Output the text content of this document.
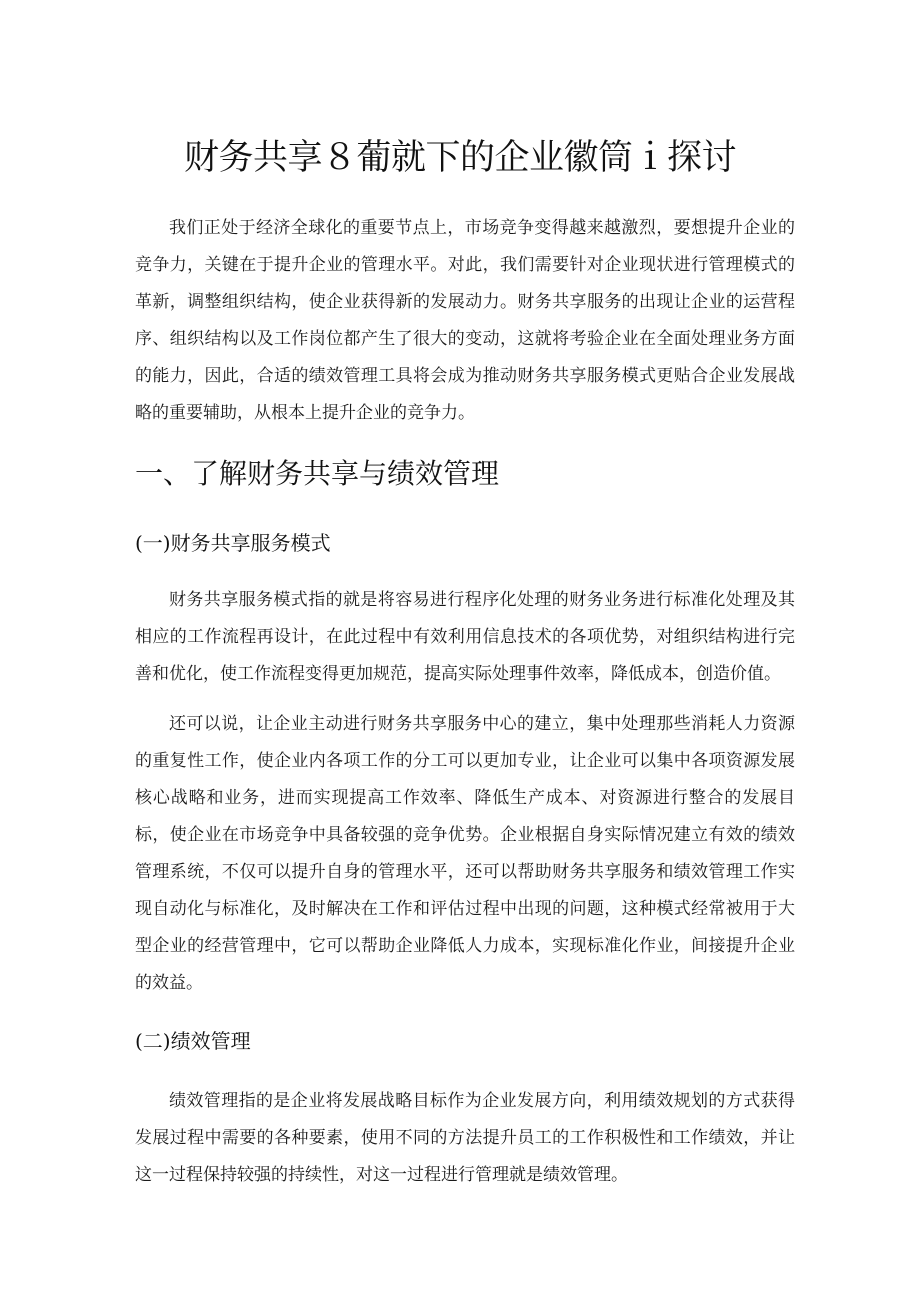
财务共享８葡就下的企业徽筒ｉ探讨

我们正处于经济全球化的重要节点上，市场竞争变得越来越激烈，要想提升企业的竞争力，关键在于提升企业的管理水平。对此，我们需要针对企业现状进行管理模式的革新，调整组织结构，使企业获得新的发展动力。财务共享服务的出现让企业的运营程序、组织结构以及工作岗位都产生了很大的变动，这就将考验企业在全面处理业务方面的能力，因此，合适的绩效管理工具将会成为推动财务共享服务模式更贴合企业发展战略的重要辅助，从根本上提升企业的竞争力。

一、了解财务共享与绩效管理
(一)财务共享服务模式

财务共享服务模式指的就是将容易进行程序化处理的财务业务进行标准化处理及其相应的工作流程再设计，在此过程中有效利用信息技术的各项优势，对组织结构进行完善和优化，使工作流程变得更加规范，提高实际处理事件效率，降低成本，创造价值。

还可以说，让企业主动进行财务共享服务中心的建立，集中处理那些消耗人力资源的重复性工作，使企业内各项工作的分工可以更加专业，让企业可以集中各项资源发展核心战略和业务，进而实现提高工作效率、降低生产成本、对资源进行整合的发展目标，使企业在市场竞争中具备较强的竞争优势。企业根据自身实际情况建立有效的绩效管理系统，不仅可以提升自身的管理水平，还可以帮助财务共享服务和绩效管理工作实现自动化与标准化，及时解决在工作和评估过程中出现的问题，这种模式经常被用于大型企业的经营管理中，它可以帮助企业降低人力成本，实现标准化作业，间接提升企业的效益。

(二)绩效管理

绩效管理指的是企业将发展战略目标作为企业发展方向，利用绩效规划的方式获得发展过程中需要的各种要素，使用不同的方法提升员工的工作积极性和工作绩效，并让这一过程保持较强的持续性，对这一过程进行管理就是绩效管理。
